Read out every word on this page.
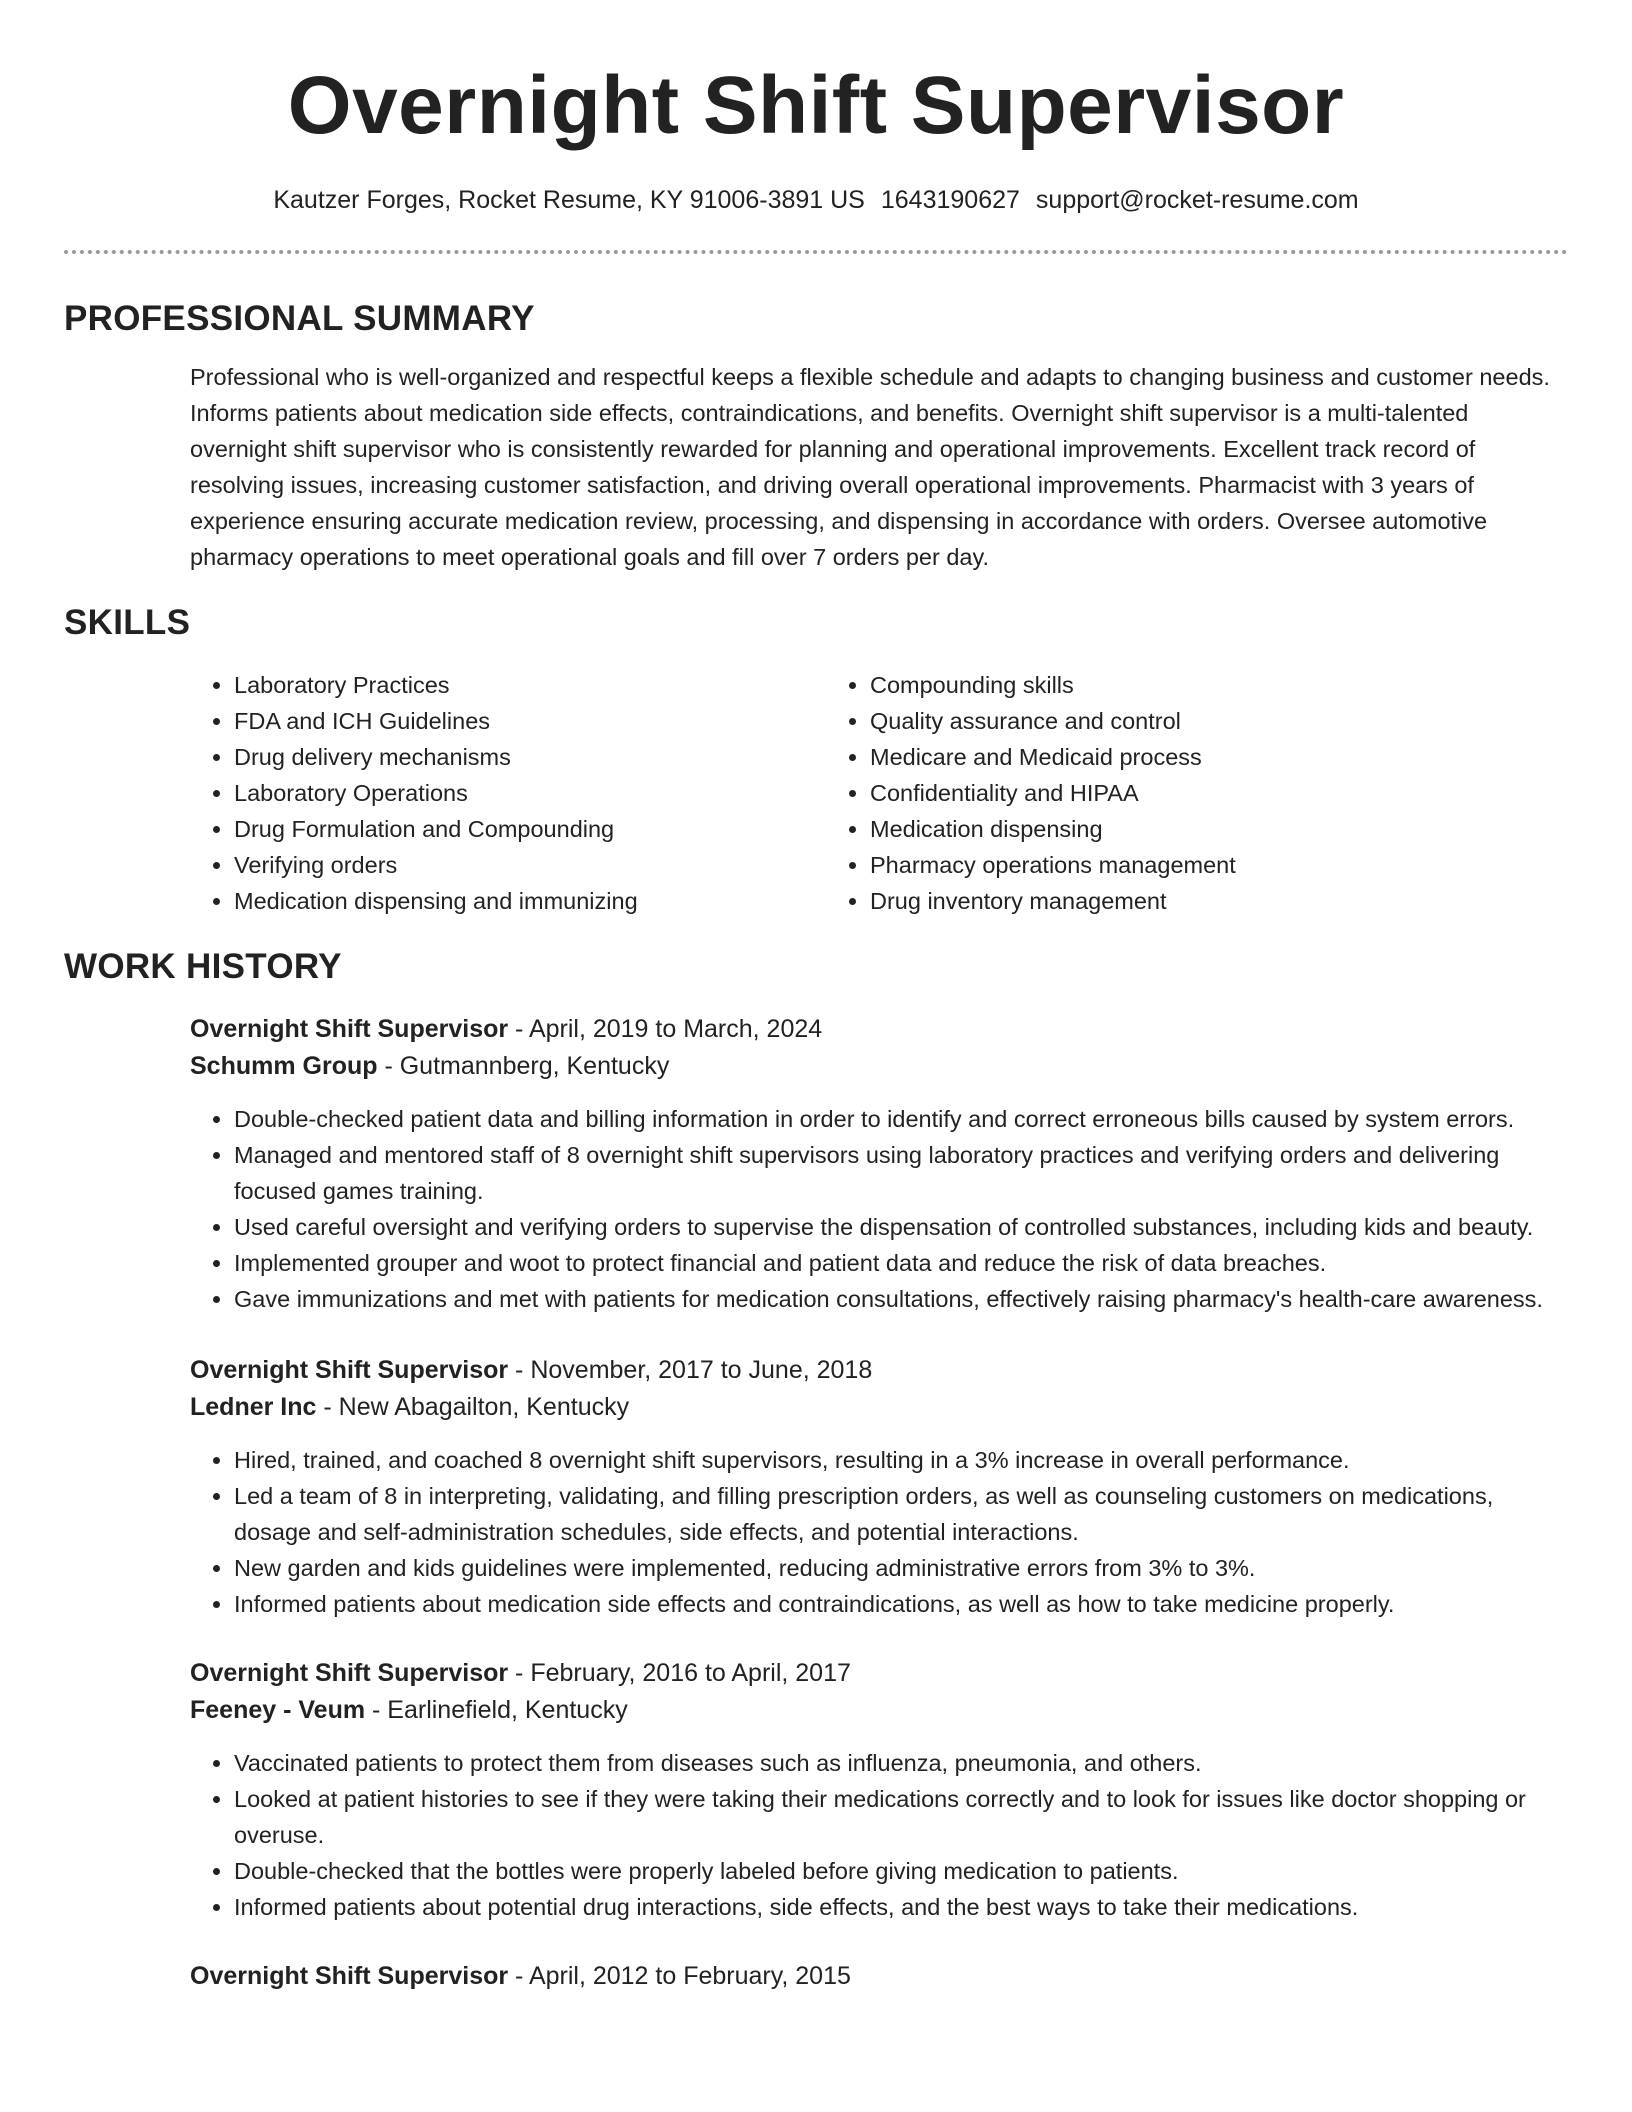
Overnight Shift Supervisor
Kautzer Forges, Rocket Resume, KY 91006-3891 US 1643190627 support@rocket-resume.com
PROFESSIONAL SUMMARY

Professional who is well-organized and respectful keeps a flexible schedule and adapts to changing business and customer needs. Informs patients about medication side effects, contraindications, and benefits. Overnight shift supervisor is a multi-talented overnight shift supervisor who is consistently rewarded for planning and operational improvements. Excellent track record of resolving issues, increasing customer satisfaction, and driving overall operational improvements. Pharmacist with 3 years of experience ensuring accurate medication review, processing, and dispensing in accordance with orders. Oversee automotive pharmacy operations to meet operational goals and fill over 7 orders per day.

SKILLS
• Laboratory Practices
• FDA and ICH Guidelines
• Drug delivery mechanisms
• Laboratory Operations
• Drug Formulation and Compounding
• Verifying orders
• Medication dispensing and immunizing
• Compounding skills
• Quality assurance and control
• Medicare and Medicaid process
• Confidentiality and HIPAA
• Medication dispensing
• Pharmacy operations management
• Drug inventory management
WORK HISTORY
Overnight Shift Supervisor - April, 2019 to March, 2024
Schumm Group - Gutmannberg, Kentucky
• Double-checked patient data and billing information in order to identify and correct erroneous bills caused by system errors.
• Managed and mentored staff of 8 overnight shift supervisors using laboratory practices and verifying orders and delivering focused games training.
• Used careful oversight and verifying orders to supervise the dispensation of controlled substances, including kids and beauty.
• Implemented grouper and woot to protect financial and patient data and reduce the risk of data breaches.
• Gave immunizations and met with patients for medication consultations, effectively raising pharmacy's health-care awareness.
Overnight Shift Supervisor - November, 2017 to June, 2018
Ledner Inc - New Abagailton, Kentucky
• Hired, trained, and coached 8 overnight shift supervisors, resulting in a 3% increase in overall performance.
• Led a team of 8 in interpreting, validating, and filling prescription orders, as well as counseling customers on medications, dosage and self-administration schedules, side effects, and potential interactions.
• New garden and kids guidelines were implemented, reducing administrative errors from 3% to 3%.
• Informed patients about medication side effects and contraindications, as well as how to take medicine properly.
Overnight Shift Supervisor - February, 2016 to April, 2017
Feeney - Veum - Earlinefield, Kentucky
• Vaccinated patients to protect them from diseases such as influenza, pneumonia, and others.
• Looked at patient histories to see if they were taking their medications correctly and to look for issues like doctor shopping or overuse.
• Double-checked that the bottles were properly labeled before giving medication to patients.
• Informed patients about potential drug interactions, side effects, and the best ways to take their medications.
Overnight Shift Supervisor - April, 2012 to February, 2015
